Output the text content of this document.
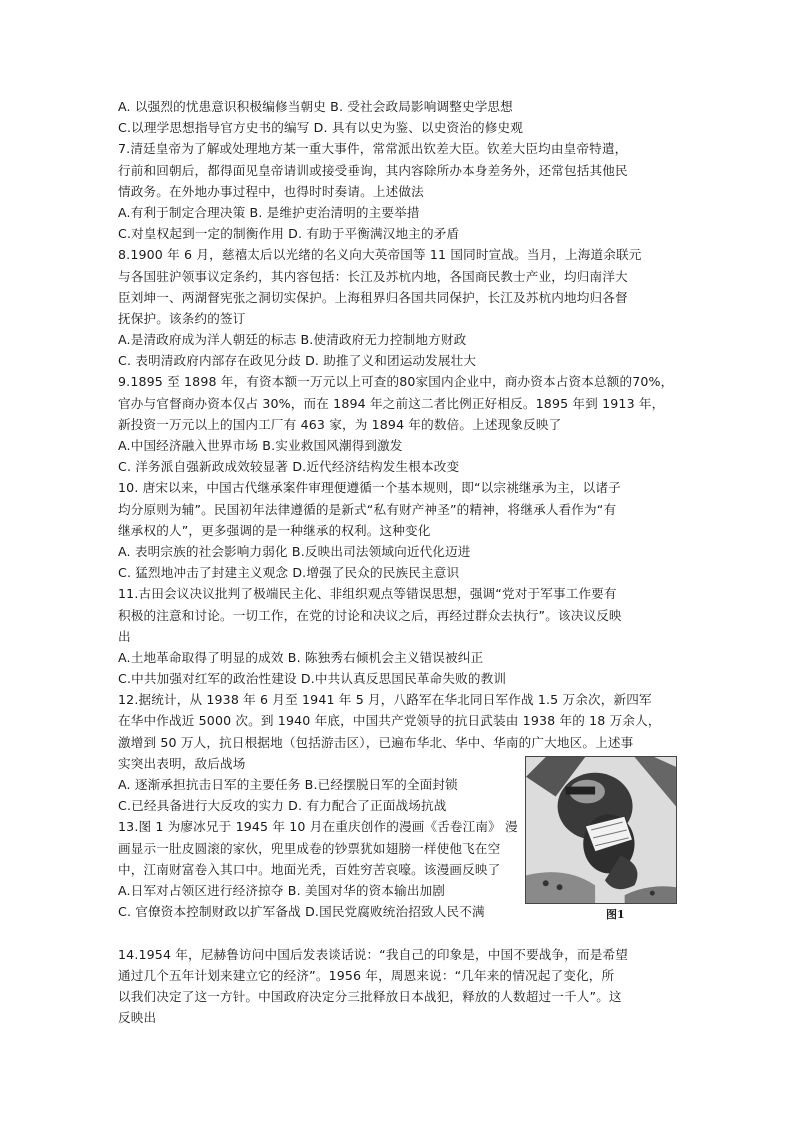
A. 以强烈的忧患意识积极编修当朝史 B. 受社会政局影响调整史学思想
C.以理学思想指导官方史书的编写 D. 具有以史为鉴、以史资治的修史观
7.清廷皇帝为了解或处理地方某一重大事件，常常派出钦差大臣。钦差大臣均由皇帝特遣，
行前和回朝后，都得面见皇帝请训或接受垂询，其内容除所办本身差务外，还常包括其他民
情政务。在外地办事过程中，也得时时奏请。上述做法
A.有利于制定合理决策 B. 是维护吏治清明的主要举措
C.对皇权起到一定的制衡作用 D. 有助于平衡满汉地主的矛盾
8.1900 年 6 月，慈禧太后以光绪的名义向大英帝国等 11 国同时宣战。当月，上海道余联元
与各国驻沪领事议定条约，其内容包括：长江及苏杭内地，各国商民教士产业，均归南洋大
臣刘坤一、两湖督宪张之洞切实保护。上海租界归各国共同保护，长江及苏杭内地均归各督
抚保护。该条约的签订
A.是清政府成为洋人朝廷的标志 B.使清政府无力控制地方财政
C. 表明清政府内部存在政见分歧 D. 助推了义和团运动发展壮大
9.1895 至 1898 年，有资本额一万元以上可查的80家国内企业中，商办资本占资本总额的70%，
官办与官督商办资本仅占 30%，而在 1894 年之前这二者比例正好相反。1895 年到 1913 年，
新投资一万元以上的国内工厂有 463 家，为 1894 年的数倍。上述现象反映了
A.中国经济融入世界市场 B.实业救国风潮得到激发
C. 洋务派自强新政成效较显著 D.近代经济结构发生根本改变
10. 唐宋以来，中国古代继承案件审理便遵循一个基本规则，即“以宗祧继承为主，以诸子
均分原则为辅”。民国初年法律遵循的是新式“私有财产神圣”的精神，将继承人看作为“有
继承权的人”，更多强调的是一种继承的权利。这种变化
A. 表明宗族的社会影响力弱化 B.反映出司法领域向近代化迈进
C. 猛烈地冲击了封建主义观念 D.增强了民众的民族民主意识
11.古田会议决议批判了极端民主化、非组织观点等错误思想，强调“党对于军事工作要有
积极的注意和讨论。一切工作，在党的讨论和决议之后，再经过群众去执行”。该决议反映
出
A.土地革命取得了明显的成效 B. 陈独秀右倾机会主义错误被纠正
C.中共加强对红军的政治性建设 D.中共认真反思国民革命失败的教训
12.据统计，从 1938 年 6 月至 1941 年 5 月，八路军在华北同日军作战 1.5 万余次，新四军
在华中作战近 5000 次。到 1940 年底，中国共产党领导的抗日武装由 1938 年的 18 万余人，
激增到 50 万人，抗日根据地（包括游击区），已遍布华北、华中、华南的广大地区。上述事
实突出表明，敌后战场
A. 逐渐承担抗击日军的主要任务 B.已经摆脱日军的全面封锁
C.已经具备进行大反攻的实力 D. 有力配合了正面战场抗战
13.图 1 为廖冰兄于 1945 年 10 月在重庆创作的漫画《舌卷江南》 漫
画显示一肚皮圆滚的家伙，兜里成卷的钞票犹如翅膀一样使他飞在空
中，江南财富卷入其口中。地面光秃，百姓穷苦哀嚎。该漫画反映了
A.日军对占领区进行经济掠夺 B. 美国对华的资本输出加剧
C. 官僚资本控制财政以扩军备战 D.国民党腐败统治招致人民不满
14.1954 年，尼赫鲁访问中国后发表谈话说：“我自己的印象是，中国不要战争，而是希望
通过几个五年计划来建立它的经济”。1956 年，周恩来说：“几年来的情况起了变化，所
以我们决定了这一方针。中国政府决定分三批释放日本战犯，释放的人数超过一千人”。这
反映出
图1
